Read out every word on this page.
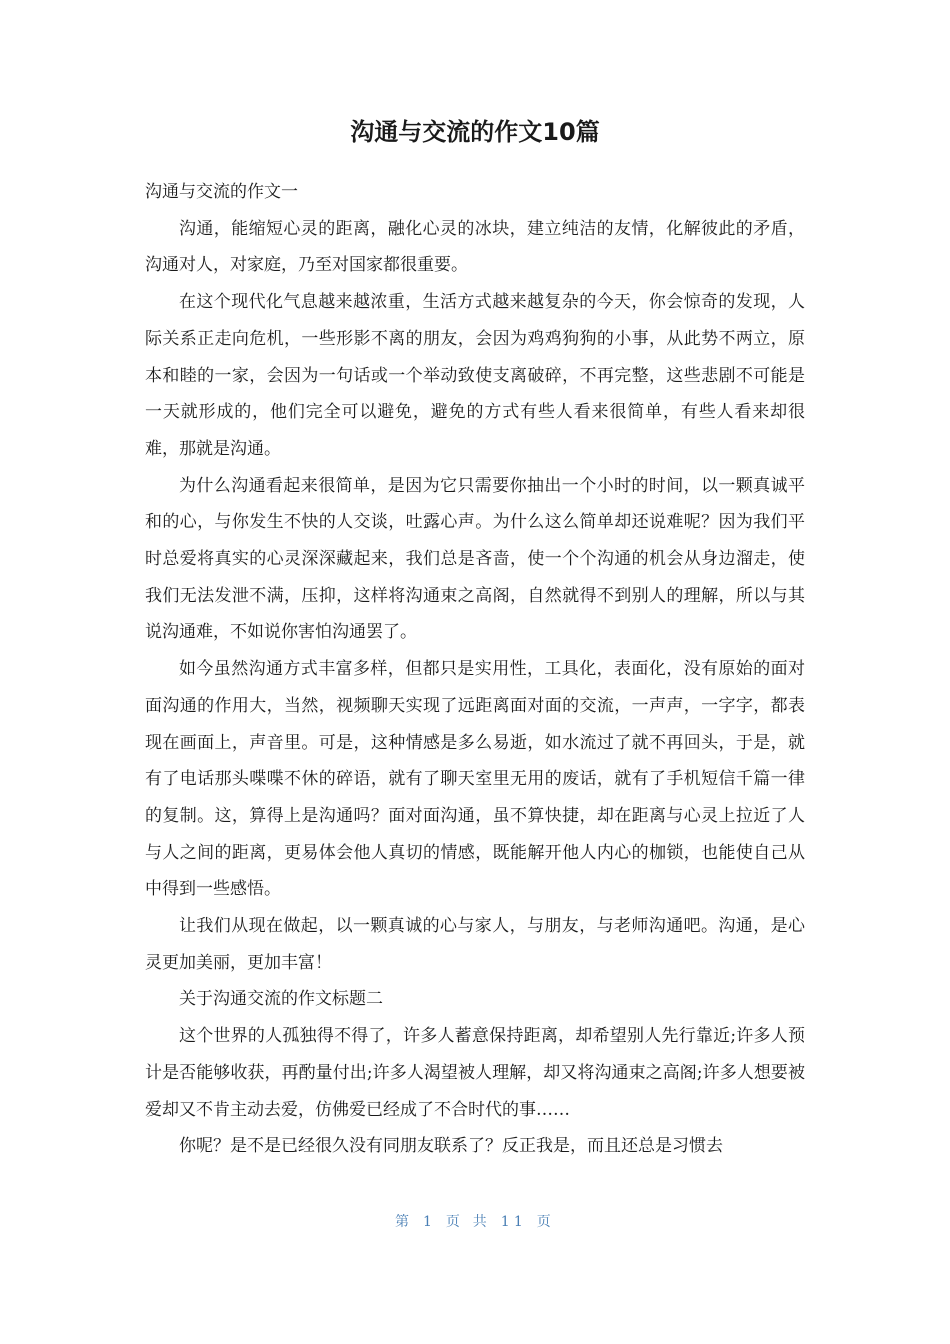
沟通与交流的作文10篇

沟通与交流的作文一

沟通，能缩短心灵的距离，融化心灵的冰块，建立纯洁的友情，化解彼此的矛盾，沟通对人，对家庭，乃至对国家都很重要。

在这个现代化气息越来越浓重，生活方式越来越复杂的今天，你会惊奇的发现，人际关系正走向危机，一些形影不离的朋友，会因为鸡鸡狗狗的小事，从此势不两立，原本和睦的一家，会因为一句话或一个举动致使支离破碎，不再完整，这些悲剧不可能是一天就形成的，他们完全可以避免，避免的方式有些人看来很简单，有些人看来却很难，那就是沟通。

为什么沟通看起来很简单，是因为它只需要你抽出一个小时的时间，以一颗真诚平和的心，与你发生不快的人交谈，吐露心声。为什么这么简单却还说难呢？因为我们平时总爱将真实的心灵深深藏起来，我们总是吝啬，使一个个沟通的机会从身边溜走，使我们无法发泄不满，压抑，这样将沟通束之高阁，自然就得不到别人的理解，所以与其说沟通难，不如说你害怕沟通罢了。

如今虽然沟通方式丰富多样，但都只是实用性，工具化，表面化，没有原始的面对面沟通的作用大，当然，视频聊天实现了远距离面对面的交流，一声声，一字字，都表现在画面上，声音里。可是，这种情感是多么易逝，如水流过了就不再回头，于是，就有了电话那头喋喋不休的碎语，就有了聊天室里无用的废话，就有了手机短信千篇一律的复制。这，算得上是沟通吗？面对面沟通，虽不算快捷，却在距离与心灵上拉近了人与人之间的距离，更易体会他人真切的情感，既能解开他人内心的枷锁，也能使自己从中得到一些感悟。

让我们从现在做起，以一颗真诚的心与家人，与朋友，与老师沟通吧。沟通，是心灵更加美丽，更加丰富！

关于沟通交流的作文标题二

这个世界的人孤独得不得了，许多人蓄意保持距离，却希望别人先行靠近;许多人预计是否能够收获，再酌量付出;许多人渴望被人理解，却又将沟通束之高阁;许多人想要被爱却又不肯主动去爱，仿佛爱已经成了不合时代的事……

你呢？是不是已经很久没有同朋友联系了？反正我是，而且还总是习惯去

第 1 页 共 11 页
